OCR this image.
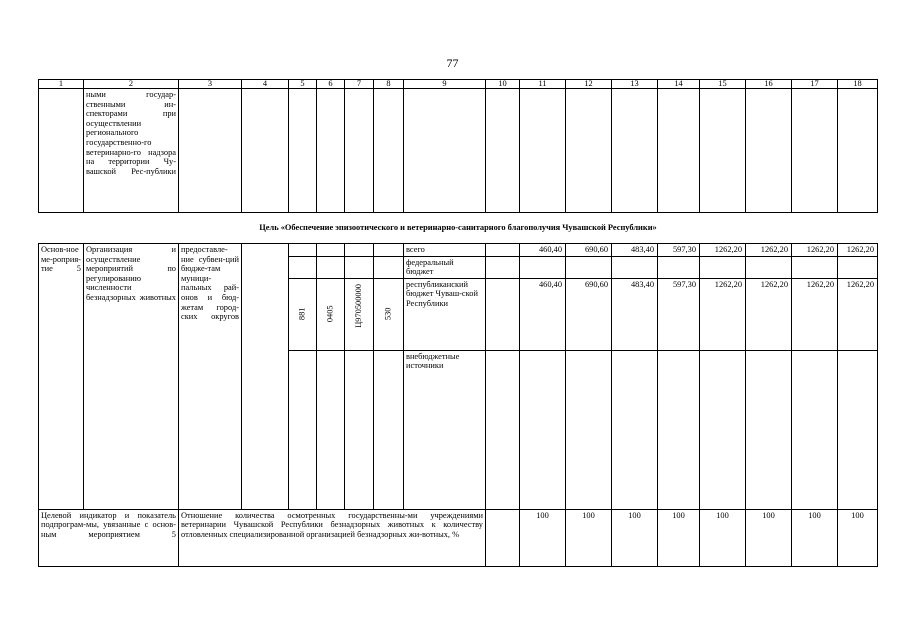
77
1	2	3	4	5	6	7	8	9	10	11	12	13	14	15	16	17	18
	ными государ-ственными ин-спекторами при осуществлении регионального государственно-го ветеринарно-го надзора на территории Чу-вашской Рес-публики																
Цель «Обеспечение эпизоотического и ветеринарно-санитарного благополучия Чувашской Республики»																	
Основ-ное ме-роприя-тие 5	Организация и осуществление мероприятий по регулированию численности безнадзорных животных	предоставле-ние субвен-ций бюдже-там муници-пальных рай-онов и бюд-жетам город-ских округов						всего		460,40	690,60	483,40	597,30	1262,20	1262,20	1262,20	1262,20
								федеральный бюджет									

				881	0405	Ц970500000	530	республиканский бюджет Чуваш-ской Республики		460,40	690,60	483,40	597,30	1262,20	1262,20	1262,20	1262,20
								внебюджетные источники									
Целевой индикатор и показатель подпрограм-мы, увязанные с основ-ным мероприятием 5		Отношение количества осмотренных государственны-ми учреждениями ветеринарии Чувашской Республики безнадзорных животных к количеству отловленных специализированной организацией безнадзорных жи-вотных, %								100	100	100	100	100	100	100	100
